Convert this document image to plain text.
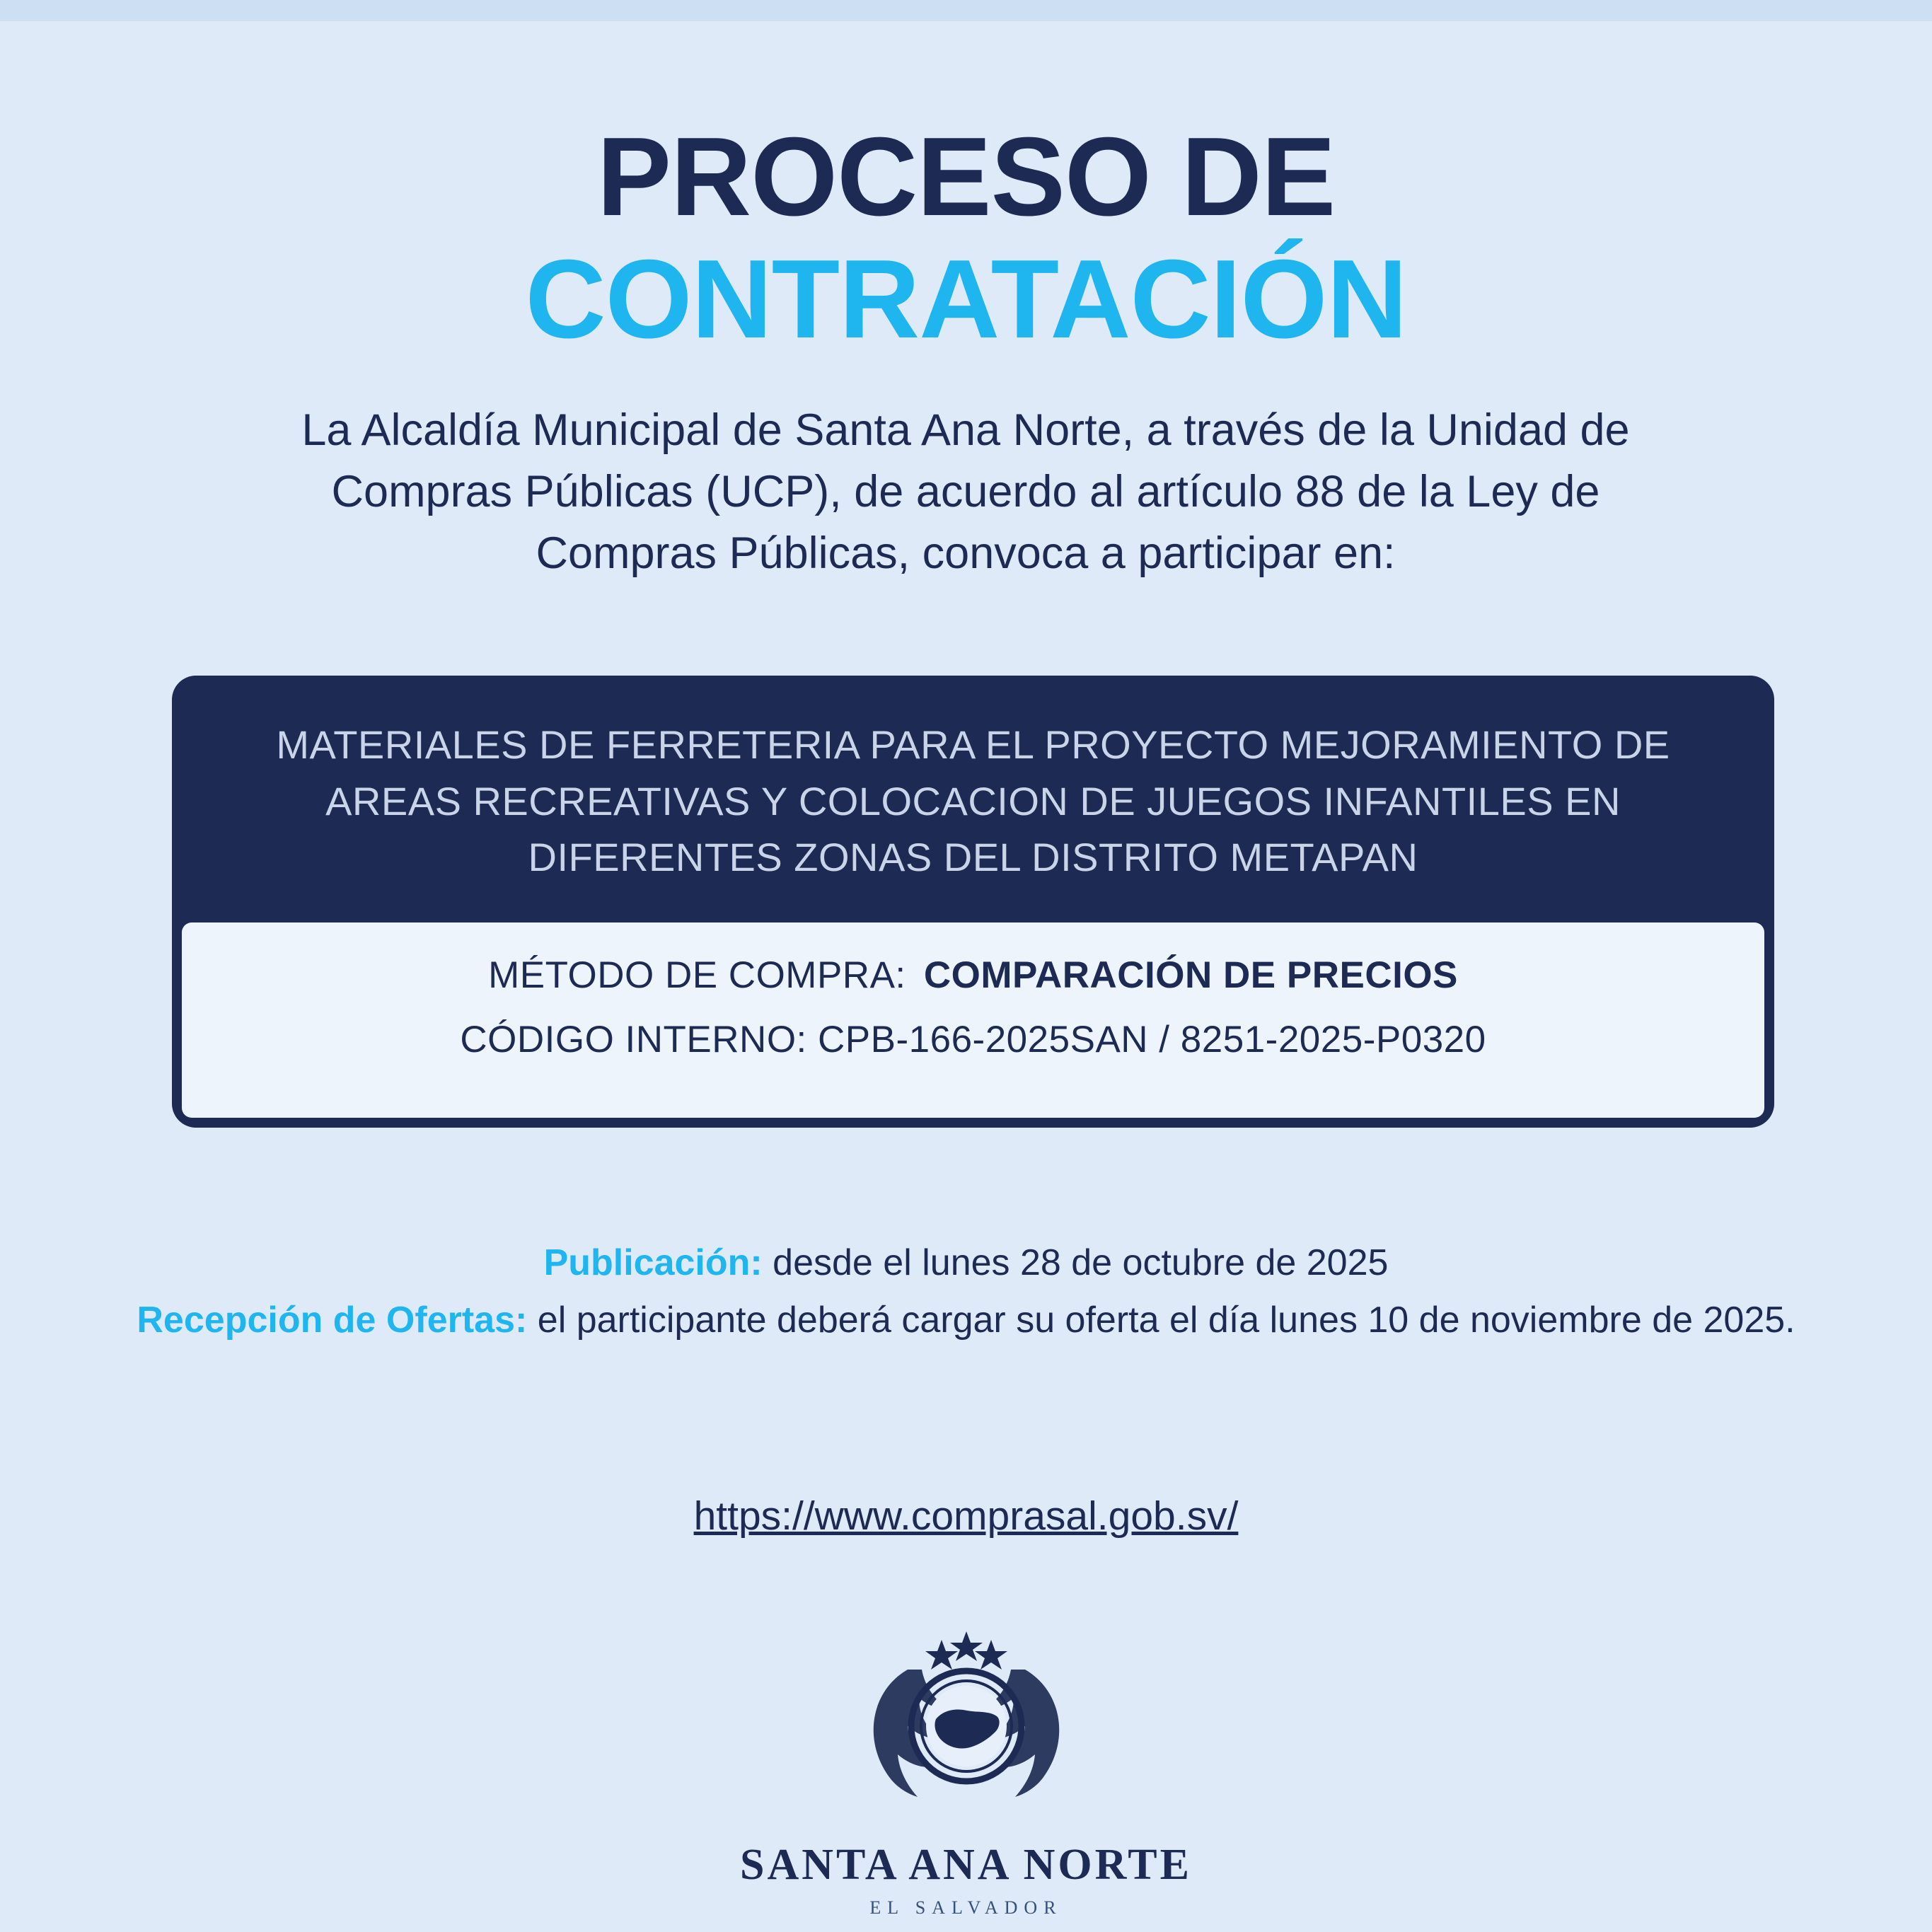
PROCESO DE
CONTRATACIÓN
La Alcaldía Municipal de Santa Ana Norte, a través de la Unidad de Compras Públicas (UCP), de acuerdo al artículo 88 de la Ley de Compras Públicas, convoca a participar en:
MATERIALES DE FERRETERIA PARA EL PROYECTO MEJORAMIENTO DE AREAS RECREATIVAS Y COLOCACION DE JUEGOS INFANTILES EN DIFERENTES ZONAS DEL DISTRITO METAPAN
MÉTODO DE COMPRA: COMPARACIÓN DE PRECIOS
CÓDIGO INTERNO: CPB-166-2025SAN / 8251-2025-P0320
Publicación: desde el lunes 28 de octubre de 2025
Recepción de Ofertas: el participante deberá cargar su oferta el día lunes 10 de noviembre de 2025.
https://www.comprasal.gob.sv/
SANTA ANA NORTE
EL SALVADOR
